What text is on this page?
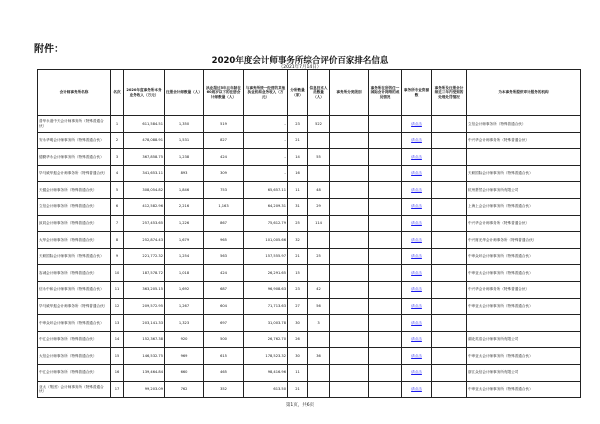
附件：
2020年度会计师事务所综合评价百家排名信息
（2021年7月14日）
会计师事务所名称	名次	2020年度事务所本身业务收入（万元）	注册会计师数量（人）	执业超过5年且年龄在60周岁以下的注册会计师数量（人）	与事务所统一经营的其他执业机构业务收入（万元）	分所数量（家）	信息技术人员数量（人）	事务所分类级别	事务所在所的任一国际会计网络的成员情况	事务所专业资源数	事务所及注册会计师近三年内受到的处理处罚情况	为本事务所提供审计服务的机构
普华永道中天会计师事务所（特殊普通合伙）	1	611,584.51	1,350	519	–	23	522			请点击		立信会计师事务所（特殊普通合伙）
安永华明会计师事务所（特殊普通合伙）	2	478,088.91	1,531	827	–	21				请点击		中兴华会计师事务所（特殊普通合伙）
德勤华永会计师事务所（特殊普通合伙）	3	367,858.75	1,238	424	–	14	55			请点击		
毕马威华振会计师事务所（特殊普通合伙）	4	341,653.11	893	309	–	16				请点击		天职国际会计师事务所（特殊普通合伙）
天健会计师事务所（特殊普通合伙）	5	308,054.82	1,846	753	65,657.11	11	48			请点击		杭州萧然会计师事务所有限公司
立信会计师事务所（特殊普通合伙）	6	412,582.96	2,216	1,163	64,209.31	31	29			请点击		上海上会会计师事务所（特殊普通合伙）
致同会计师事务所（特殊普通合伙）	7	257,453.65	1,226	867	75,612.79	25	114			请点击		中兴华会计师事务所（特殊普通合伙）
大华会计师事务所（特殊普通合伙）	8	252,874.43	1,679	965	101,005.66	32				请点击		中兴财光华会计师事务所（特殊普通合伙）
天职国际会计师事务所（特殊普通合伙）	9	221,772.32	1,254	563	157,555.97	21	25			请点击		中审众环会计师事务所（特殊普通合伙）
容诚会计师事务所（特殊普通合伙）	10	187,578.72	1,018	424	26,291.65	15				请点击		中审亚太会计师事务所（特殊普通合伙）
信永中和会计师事务所（特殊普通合伙）	11	363,205.15	1,692	687	96,908.63	23	42			请点击		中兴华会计师事务所（特殊普通合伙）
毕马威华振会计师事务所（特殊普通合伙）	12	209,572.95	1,267	604	71,713.63	27	56			请点击		中审亚太会计师事务所（特殊普通合伙）
中审众环会计师事务所（特殊普通合伙）	13	203,141.33	1,323	697	31,003.78	30	3			请点击		
中汇会计师事务所（特殊普通合伙）	14	152,367.38	920	500	26,762.70	26				请点击		湖北英浩会计师事务所有限公司
大信会计师事务所（特殊普通合伙）	15	146,532.75	969	615	178,523.32	30	36			请点击		中审亚太会计师事务所（特殊普通合伙）
中汇会计师事务所（特殊普通合伙）	16	139,464.84	660	465	98,416.96	11				请点击		浙江众信会计师事务所有限公司
亚太（集团）会计师事务所（特殊普通合伙）	17	99,203.09	762	352	613.50	21				请点击		中审亚太会计师事务所（特殊普通合伙）
第1页，共6页
